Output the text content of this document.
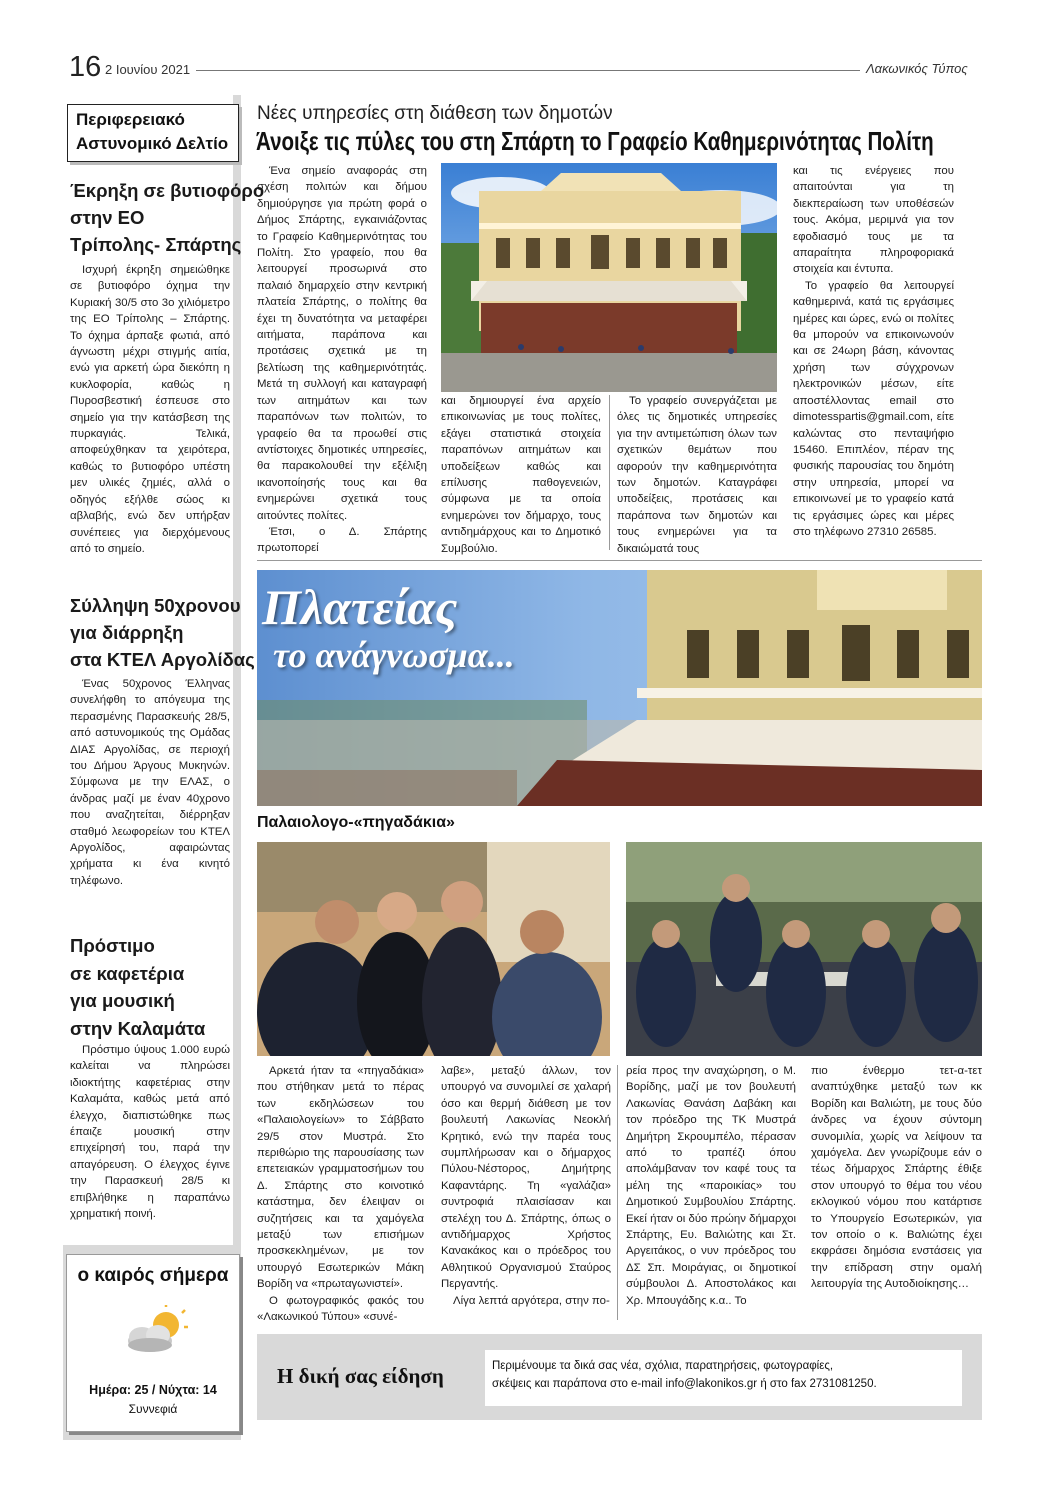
16 2 Ιουνίου 2021	Λακωνικός Τύπος
Περιφερειακό
Αστυνομικό Δελτίο
Έκρηξη σε βυτιοφόρο
στην ΕΟ
Τρίπολης- Σπάρτης

Ισχυρή έκρηξη σημειώθηκε σε βυτιοφόρο όχημα την Κυριακή 30/5 στο 3ο χιλιόμετρο της ΕΟ Τρίπολης – Σπάρτης. Το όχημα άρπαξε φωτιά, από άγνωστη μέχρι στιγμής αιτία, ενώ για αρκετή ώρα διεκόπη η κυκλοφορία, καθώς η Πυροσβεστική έσπευσε στο σημείο για την κατάσβεση της πυρκαγιάς. Τελικά, αποφεύχθηκαν τα χειρότερα, καθώς το βυτιοφόρο υπέστη μεν υλικές ζημιές, αλλά ο οδηγός εξήλθε σώος κι αβλαβής, ενώ δεν υπήρξαν συνέπειες για διερχόμενους από το σημείο.

Σύλληψη 50χρονου
για διάρρηξη
στα ΚΤΕΛ Αργολίδας

Ένας 50χρονος Έλληνας συνελήφθη το απόγευμα της περασμένης Παρασκευής 28/5, από αστυνομικούς της Ομάδας ΔΙΑΣ Αργολίδας, σε περιοχή του Δήμου Άργους Μυκηνών. Σύμφωνα με την ΕΛΑΣ, ο άνδρας μαζί με έναν 40χρονο που αναζητείται, διέρρηξαν σταθμό λεωφορείων του ΚΤΕΛ Αργολίδος, αφαιρώντας χρήματα κι ένα κινητό τηλέφωνο.

Πρόστιμο
σε καφετέρια
για μουσική
στην Καλαμάτα

Πρόστιμο ύψους 1.000 ευρώ καλείται να πληρώσει ιδιοκτήτης καφετέριας στην Καλαμάτα, καθώς μετά από έλεγχο, διαπιστώθηκε πως έπαιζε μουσική στην επιχείρησή του, παρά την απαγόρευση. Ο έλεγχος έγινε την Παρασκευή 28/5 κι επιβλήθηκε η παραπάνω χρηματική ποινή.

ο καιρός σήμερα
Ημέρα: 25 / Νύχτα: 14
Συννεφιά
Νέες υπηρεσίες στη διάθεση των δημοτών
Άνοιξε τις πύλες του στη Σπάρτη το Γραφείο Καθημερινότητας Πολίτη

Ένα σημείο αναφοράς στη σχέση πολιτών και δήμου δημιούργησε για πρώτη φορά ο Δήμος Σπάρτης, εγκαινιάζοντας το Γραφείο Καθημερινότητας του Πολίτη. Στο γραφείο, που θα λειτουργεί προσωρινά στο παλαιό δημαρχείο στην κεντρική πλατεία Σπάρτης, ο πολίτης θα έχει τη δυνατότητα να μεταφέρει αιτήματα, παράπονα και προτάσεις σχετικά με τη βελτίωση της καθημερινότητάς. Μετά τη συλλογή και καταγραφή των αιτημάτων και των παραπόνων των πολιτών, το γραφείο θα τα προωθεί στις αντίστοιχες δημοτικές υπηρεσίες, θα παρακολουθεί την εξέλιξη ικανοποίησής τους και θα ενημερώνει σχετικά τους αιτούντες πολίτες.

Έτσι, ο Δ. Σπάρτης πρωτοπορεί

και δημιουργεί ένα αρχείο επικοινωνίας με τους πολίτες, εξάγει στατιστικά στοιχεία παραπόνων αιτημάτων και υποδείξεων καθώς και επίλυσης παθογενειών, σύμφωνα με τα οποία ενημερώνει τον δήμαρχο, τους αντιδημάρχους και το Δημοτικό Συμβούλιο.

Το γραφείο συνεργάζεται με όλες τις δημοτικές υπηρεσίες για την αντιμετώπιση όλων των σχετικών θεμάτων που αφορούν την καθημερινότητα των δημοτών. Καταγράφει υποδείξεις, προτάσεις και παράπονα των δημοτών και τους ενημερώνει για τα δικαιώματά τους

και τις ενέργειες που απαιτούνται για τη διεκπεραίωση των υποθέσεών τους. Ακόμα, μεριμνά για τον εφοδιασμό τους με τα απαραίτητα πληροφοριακά στοιχεία και έντυπα.

Το γραφείο θα λειτουργεί καθημερινά, κατά τις εργάσιμες ημέρες και ώρες, ενώ οι πολίτες θα μπορούν να επικοινωνούν και σε 24ωρη βάση, κάνοντας χρήση των σύγχρονων ηλεκτρονικών μέσων, είτε αποστέλλοντας email στο dimotesspartis@gmail.com, είτε καλώντας στο πενταψήφιο 15460. Επιπλέον, πέραν της φυσικής παρουσίας του δημότη στην υπηρεσία, μπορεί να επικοινωνεί με το γραφείο κατά τις εργάσιμες ώρες και μέρες στο τηλέφωνο 27310 26585.

Πλατείας
το ανάγνωσμα...
Παλαιολογο-«πηγαδάκια»

Αρκετά ήταν τα «πηγαδάκια» που στήθηκαν μετά το πέρας των εκδηλώσεων του «Παλαιολογείων» το Σάββατο 29/5 στον Μυστρά. Στο περιθώριο της παρουσίασης των επετειακών γραμματοσήμων του Δ. Σπάρτης στο κοινοτικό κατάστημα, δεν έλειψαν οι συζητήσεις και τα χαμόγελα μεταξύ των επισήμων προσκεκλημένων, με τον υπουργό Εσωτερικών Μάκη Βορίδη να «πρωταγωνιστεί».

Ο φωτογραφικός φακός του «Λακωνικού Τύπου» «συνέ-

λαβε», μεταξύ άλλων, τον υπουργό να συνομιλεί σε χαλαρή όσο και θερμή διάθεση με τον βουλευτή Λακωνίας Νεοκλή Κρητικό, ενώ την παρέα τους συμπλήρωσαν και ο δήμαρχος Πύλου-Νέστορος, Δημήτρης Καφαντάρης. Τη «γαλάζια» συντροφιά πλαισίασαν και στελέχη του Δ. Σπάρτης, όπως ο αντιδήμαρχος Χρήστος Κανακάκος και ο πρόεδρος του Αθλητικού Οργανισμού Σταύρος Περγαντής.

Λίγα λεπτά αργότερα, στην πο-

ρεία προς την αναχώρηση, ο Μ. Βορίδης, μαζί με τον βουλευτή Λακωνίας Θανάση Δαβάκη και τον πρόεδρο της ΤΚ Μυστρά Δημήτρη Σκρουμπέλο, πέρασαν από το τραπέζι όπου απολάμβαναν τον καφέ τους τα μέλη της «παροικίας» του Δημοτικού Συμβουλίου Σπάρτης. Εκεί ήταν οι δύο πρώην δήμαρχοι Σπάρτης, Ευ. Βαλιώτης και Στ. Αργειτάκος, ο νυν πρόεδρος του ΔΣ Σπ. Μοιράγιας, οι δημοτικοί σύμβουλοι Δ. Αποστολάκος και Χρ. Μπουγάδης κ.α.. Το

πιο ένθερμο τετ-α-τετ αναπτύχθηκε μεταξύ των κκ Βορίδη και Βαλιώτη, με τους δύο άνδρες να έχουν σύντομη συνομιλία, χωρίς να λείψουν τα χαμόγελα. Δεν γνωρίζουμε εάν ο τέως δήμαρχος Σπάρτης έθιξε στον υπουργό το θέμα του νέου εκλογικού νόμου που κατάρτισε το Υπουργείο Εσωτερικών, για τον οποίο ο κ. Βαλιώτης έχει εκφράσει δημόσια ενστάσεις για την επίδραση στην ομαλή λειτουργία της Αυτοδιοίκησης…

Η δική σας είδηση	Περιμένουμε τα δικά σας νέα, σχόλια, παρατηρήσεις, φωτογραφίες,
σκέψεις και παράπονα στο e-mail info@lakonikos.gr ή στο fax 2731081250.
